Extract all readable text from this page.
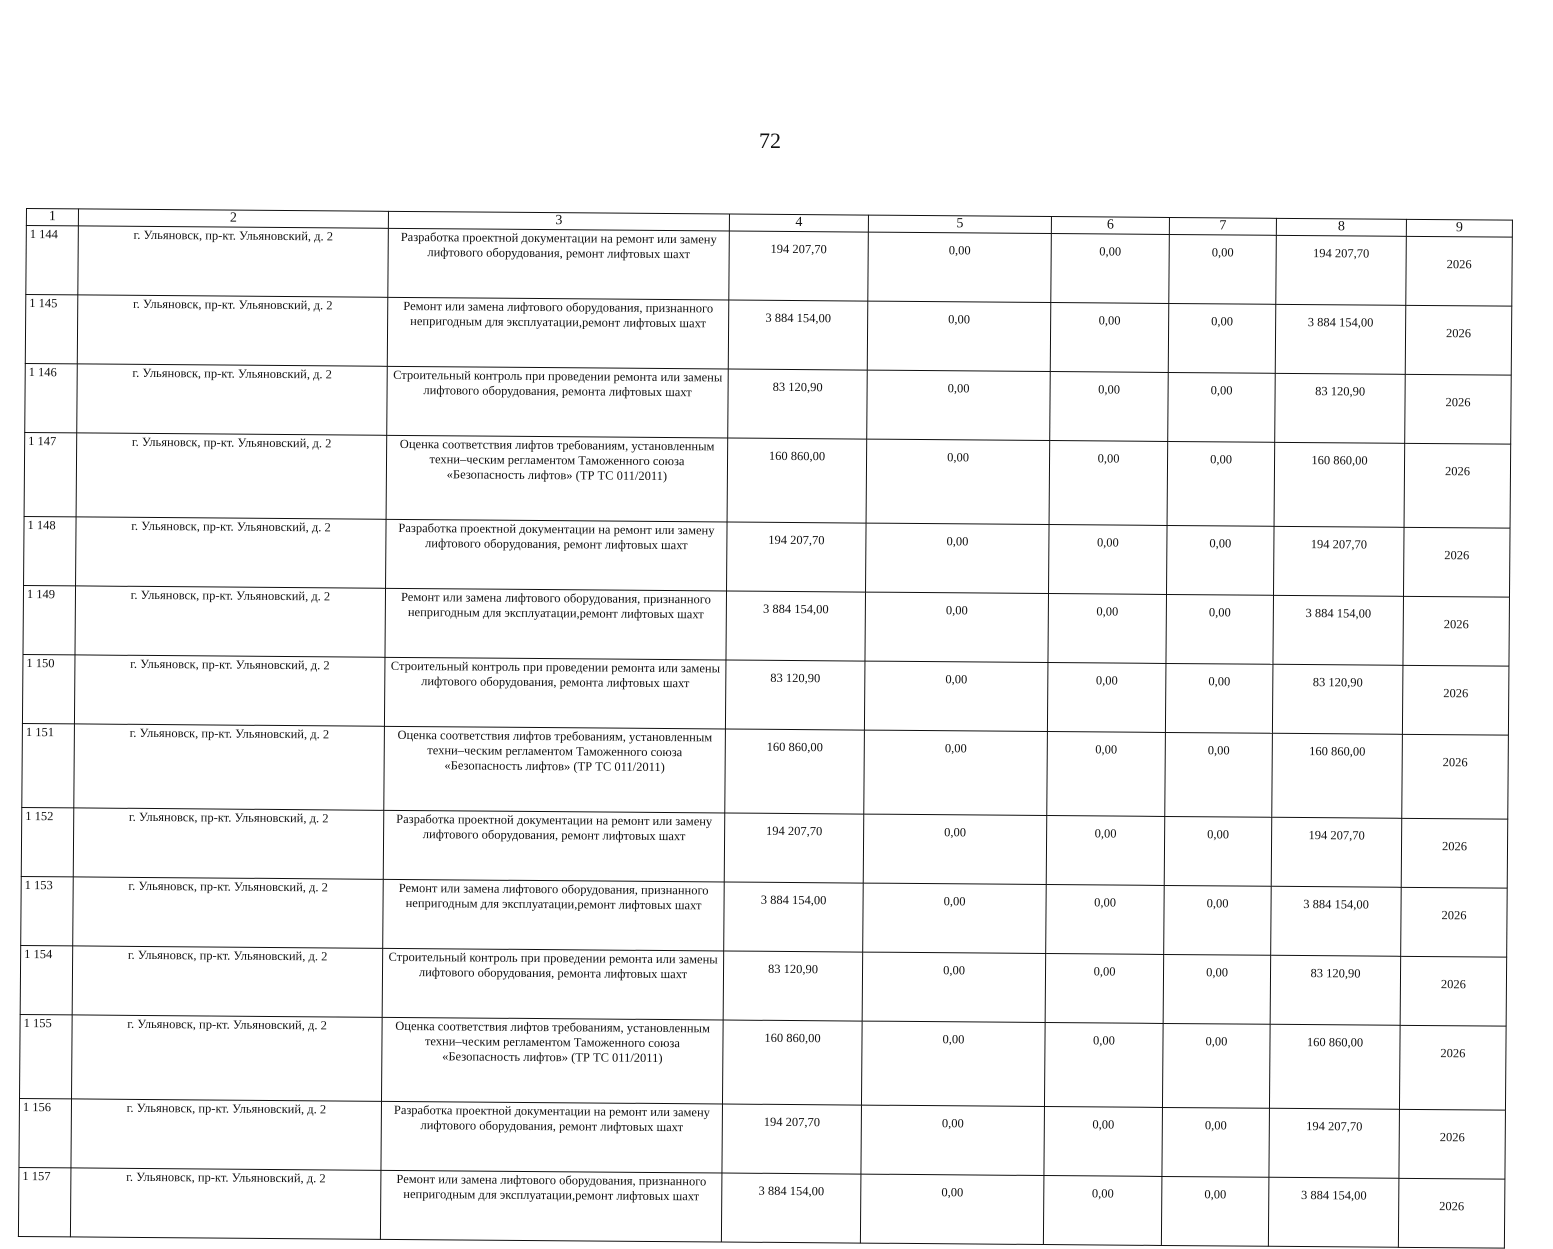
72
1	2	3	4	5	6	7	8	9
1 144	г. Ульяновск, пр-кт. Ульяновский, д. 2	Разработка проектной документации на ремонт или замену лифтового оборудования, ремонт лифтовых шахт	194 207,70	0,00	0,00	0,00	194 207,70	2026
1 145	г. Ульяновск, пр-кт. Ульяновский, д. 2	Ремонт или замена лифтового оборудования, признанного непригодным для эксплуатации,ремонт лифтовых шахт	3 884 154,00	0,00	0,00	0,00	3 884 154,00	2026
1 146	г. Ульяновск, пр-кт. Ульяновский, д. 2	Строительный контроль при проведении ремонта или замены лифтового оборудования, ремонта лифтовых шахт	83 120,90	0,00	0,00	0,00	83 120,90	2026
1 147	г. Ульяновск, пр-кт. Ульяновский, д. 2	Оценка соответствия лифтов требованиям, установленным техни–ческим регламентом Таможенного союза «Безопасность лифтов» (ТР ТС 011/2011)	160 860,00	0,00	0,00	0,00	160 860,00	2026
1 148	г. Ульяновск, пр-кт. Ульяновский, д. 2	Разработка проектной документации на ремонт или замену лифтового оборудования, ремонт лифтовых шахт	194 207,70	0,00	0,00	0,00	194 207,70	2026
1 149	г. Ульяновск, пр-кт. Ульяновский, д. 2	Ремонт или замена лифтового оборудования, признанного непригодным для эксплуатации,ремонт лифтовых шахт	3 884 154,00	0,00	0,00	0,00	3 884 154,00	2026
1 150	г. Ульяновск, пр-кт. Ульяновский, д. 2	Строительный контроль при проведении ремонта или замены лифтового оборудования, ремонта лифтовых шахт	83 120,90	0,00	0,00	0,00	83 120,90	2026
1 151	г. Ульяновск, пр-кт. Ульяновский, д. 2	Оценка соответствия лифтов требованиям, установленным техни–ческим регламентом Таможенного союза «Безопасность лифтов» (ТР ТС 011/2011)	160 860,00	0,00	0,00	0,00	160 860,00	2026
1 152	г. Ульяновск, пр-кт. Ульяновский, д. 2	Разработка проектной документации на ремонт или замену лифтового оборудования, ремонт лифтовых шахт	194 207,70	0,00	0,00	0,00	194 207,70	2026
1 153	г. Ульяновск, пр-кт. Ульяновский, д. 2	Ремонт или замена лифтового оборудования, признанного непригодным для эксплуатации,ремонт лифтовых шахт	3 884 154,00	0,00	0,00	0,00	3 884 154,00	2026
1 154	г. Ульяновск, пр-кт. Ульяновский, д. 2	Строительный контроль при проведении ремонта или замены лифтового оборудования, ремонта лифтовых шахт	83 120,90	0,00	0,00	0,00	83 120,90	2026
1 155	г. Ульяновск, пр-кт. Ульяновский, д. 2	Оценка соответствия лифтов требованиям, установленным техни–ческим регламентом Таможенного союза «Безопасность лифтов» (ТР ТС 011/2011)	160 860,00	0,00	0,00	0,00	160 860,00	2026
1 156	г. Ульяновск, пр-кт. Ульяновский, д. 2	Разработка проектной документации на ремонт или замену лифтового оборудования, ремонт лифтовых шахт	194 207,70	0,00	0,00	0,00	194 207,70	2026
1 157	г. Ульяновск, пр-кт. Ульяновский, д. 2	Ремонт или замена лифтового оборудования, признанного непригодным для эксплуатации,ремонт лифтовых шахт	3 884 154,00	0,00	0,00	0,00	3 884 154,00	2026
